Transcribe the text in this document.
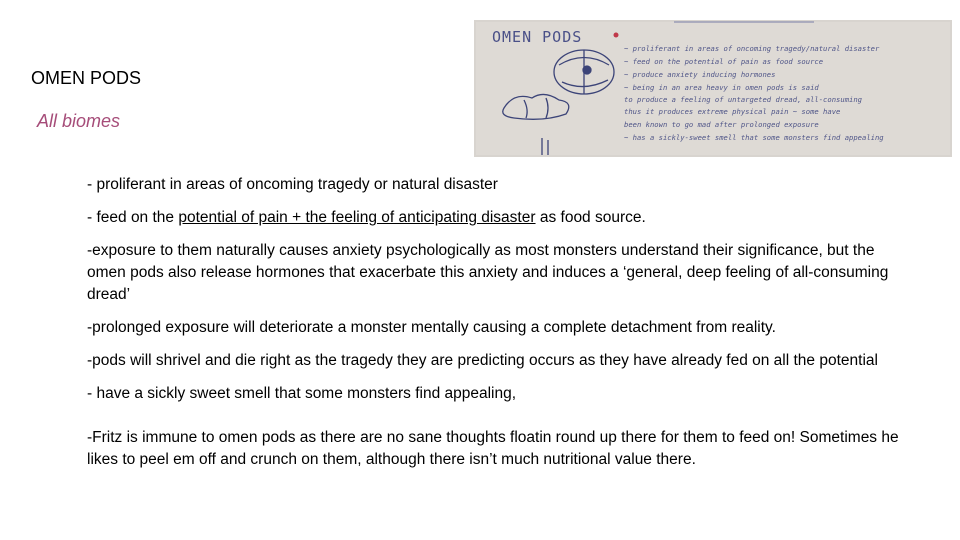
OMEN PODS
All biomes
OMEN PODS
~ proliferant in areas of oncoming tragedy/natural disaster
~ feed on the potential of pain as food source
~ produce anxiety inducing hormones
~ being in an area heavy in omen pods is said
to produce a feeling of untargeted dread, all-consuming
thus it produces extreme physical pain ~ some have
been known to go mad after prolonged exposure
~ has a sickly-sweet smell that some monsters find appealing

- proliferant in areas of oncoming tragedy or natural disaster

- feed on the potential of pain + the feeling of anticipating disaster as food source.

-exposure to them naturally causes anxiety psychologically as most monsters understand their significance, but the omen pods also release hormones that exacerbate this anxiety and induces a ‘general, deep feeling of all-consuming dread’

-prolonged exposure will deteriorate a monster mentally causing a complete detachment from reality.

-pods will shrivel and die right as the tragedy they are predicting occurs as they have already fed on all the potential

- have a sickly sweet smell that some monsters find appealing,

-Fritz is immune to omen pods as there are no sane thoughts floatin round up there for them to feed on! Sometimes he likes to peel em off and crunch on them, although there isn’t much nutritional value there.
